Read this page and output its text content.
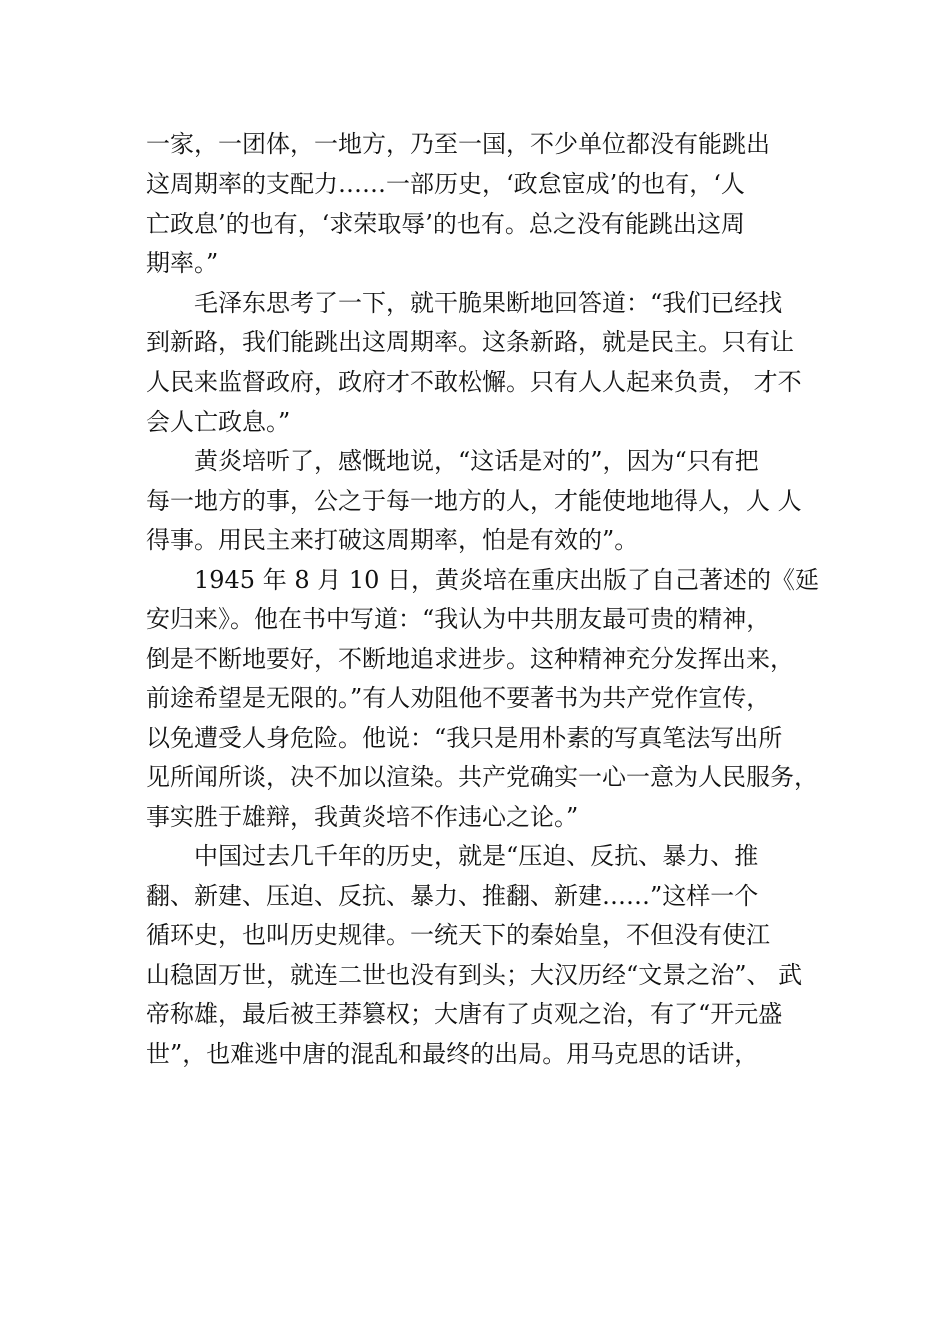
一家，一团体，一地方，乃至一国，不少单位都没有能跳出
这周期率的支配力……一部历史，‘政怠宦成’的也有，‘人
亡政息’的也有，‘求荣取辱’的也有。总之没有能跳出这周
期率。”
毛泽东思考了一下，就干脆果断地回答道：“我们已经找
到新路，我们能跳出这周期率。这条新路，就是民主。只有让
人民来监督政府，政府才不敢松懈。只有人人起来负责， 才不
会人亡政息。”
黄炎培听了，感慨地说，“这话是对的”，因为“只有把
每一地方的事，公之于每一地方的人，才能使地地得人，人 人
得事。用民主来打破这周期率，怕是有效的”。
1945 年 8 月 10 日，黄炎培在重庆出版了自己著述的《延
安归来》。他在书中写道：“我认为中共朋友最可贵的精神，
倒是不断地要好，不断地追求进步。这种精神充分发挥出来，
前途希望是无限的。”有人劝阻他不要著书为共产党作宣传，
以免遭受人身危险。他说：“我只是用朴素的写真笔法写出所
见所闻所谈，决不加以渲染。共产党确实一心一意为人民服务，
事实胜于雄辩，我黄炎培不作违心之论。”
中国过去几千年的历史，就是“压迫、反抗、暴力、推
翻、新建、压迫、反抗、暴力、推翻、新建……”这样一个
循环史，也叫历史规律。一统天下的秦始皇，不但没有使江
山稳固万世，就连二世也没有到头；大汉历经“文景之治”、 武
帝称雄，最后被王莽篡权；大唐有了贞观之治，有了“开元盛
世”，也难逃中唐的混乱和最终的出局。用马克思的话讲，
